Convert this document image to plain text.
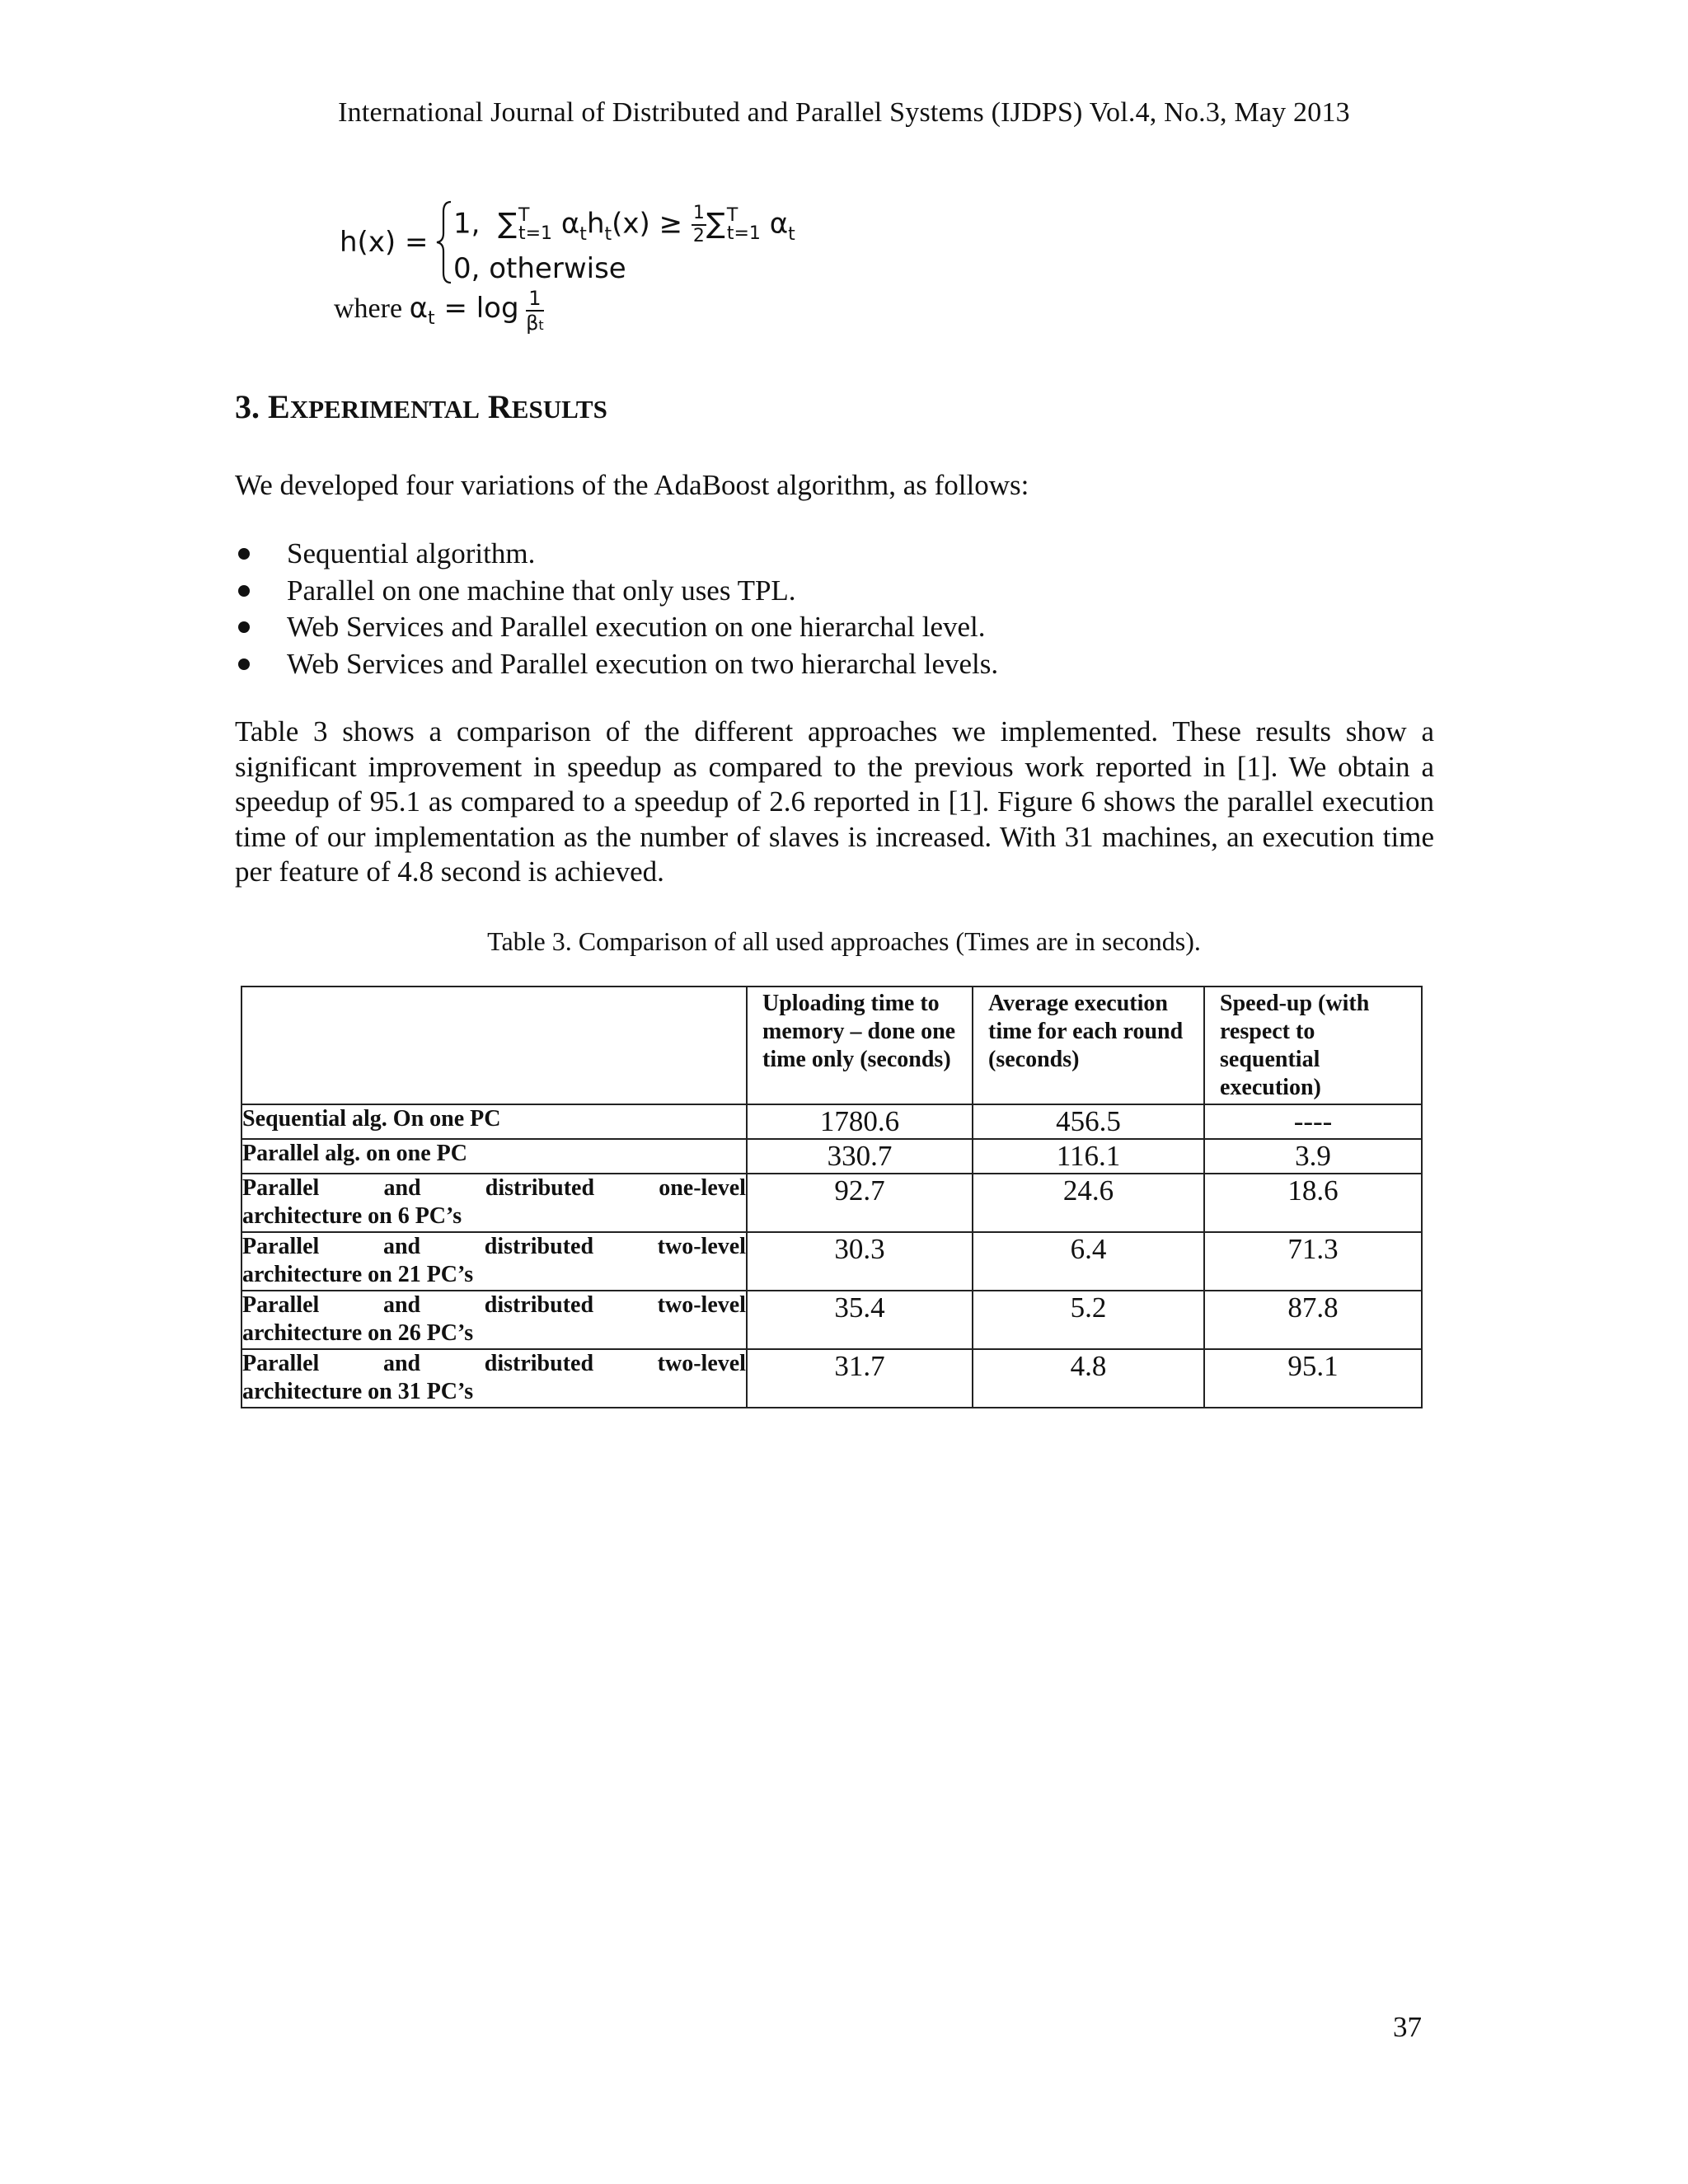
International Journal of Distributed and Parallel Systems (IJDPS) Vol.4, No.3, May 2013
h(x) =
1, ∑ T
t=1 $\alpha_th_t(x) \ge \frac{1}{2}$ ∑ T
t=1 $\alpha_t$
0, otherwise
where $\alpha_t = \log \frac{1}{\beta t}$
3. EXPERIMENTAL RESULTS
We developed four variations of the AdaBoost algorithm, as follows:
Sequential algorithm.
Parallel on one machine that only uses TPL.
Web Services and Parallel execution on one hierarchal level.
Web Services and Parallel execution on two hierarchal levels.
Table 3 shows a comparison of the different approaches we implemented. These results show a significant improvement in speedup as compared to the previous work reported in [1]. We obtain a speedup of 95.1 as compared to a speedup of 2.6 reported in [1]. Figure 6 shows the parallel execution time of our implementation as the number of slaves is increased. With 31 machines, an execution time per feature of 4.8 second is achieved.
Table 3. Comparison of all used approaches (Times are in seconds).
	Uploading time to memory – done one time only (seconds)	Average execution time for each round (seconds)	Speed-up (with respect to sequential execution)
Sequential alg. On one PC	1780.6	456.5	----
Parallel alg. on one PC	330.7	116.1	3.9

Parallel and distributed one-level
architecture on 6 PC’s	92.7	24.6	18.6

Parallel and distributed two-level
architecture on 21 PC’s	30.3	6.4	71.3

Parallel and distributed two-level
architecture on 26 PC’s	35.4	5.2	87.8

Parallel and distributed two-level
architecture on 31 PC’s	31.7	4.8	95.1
37
